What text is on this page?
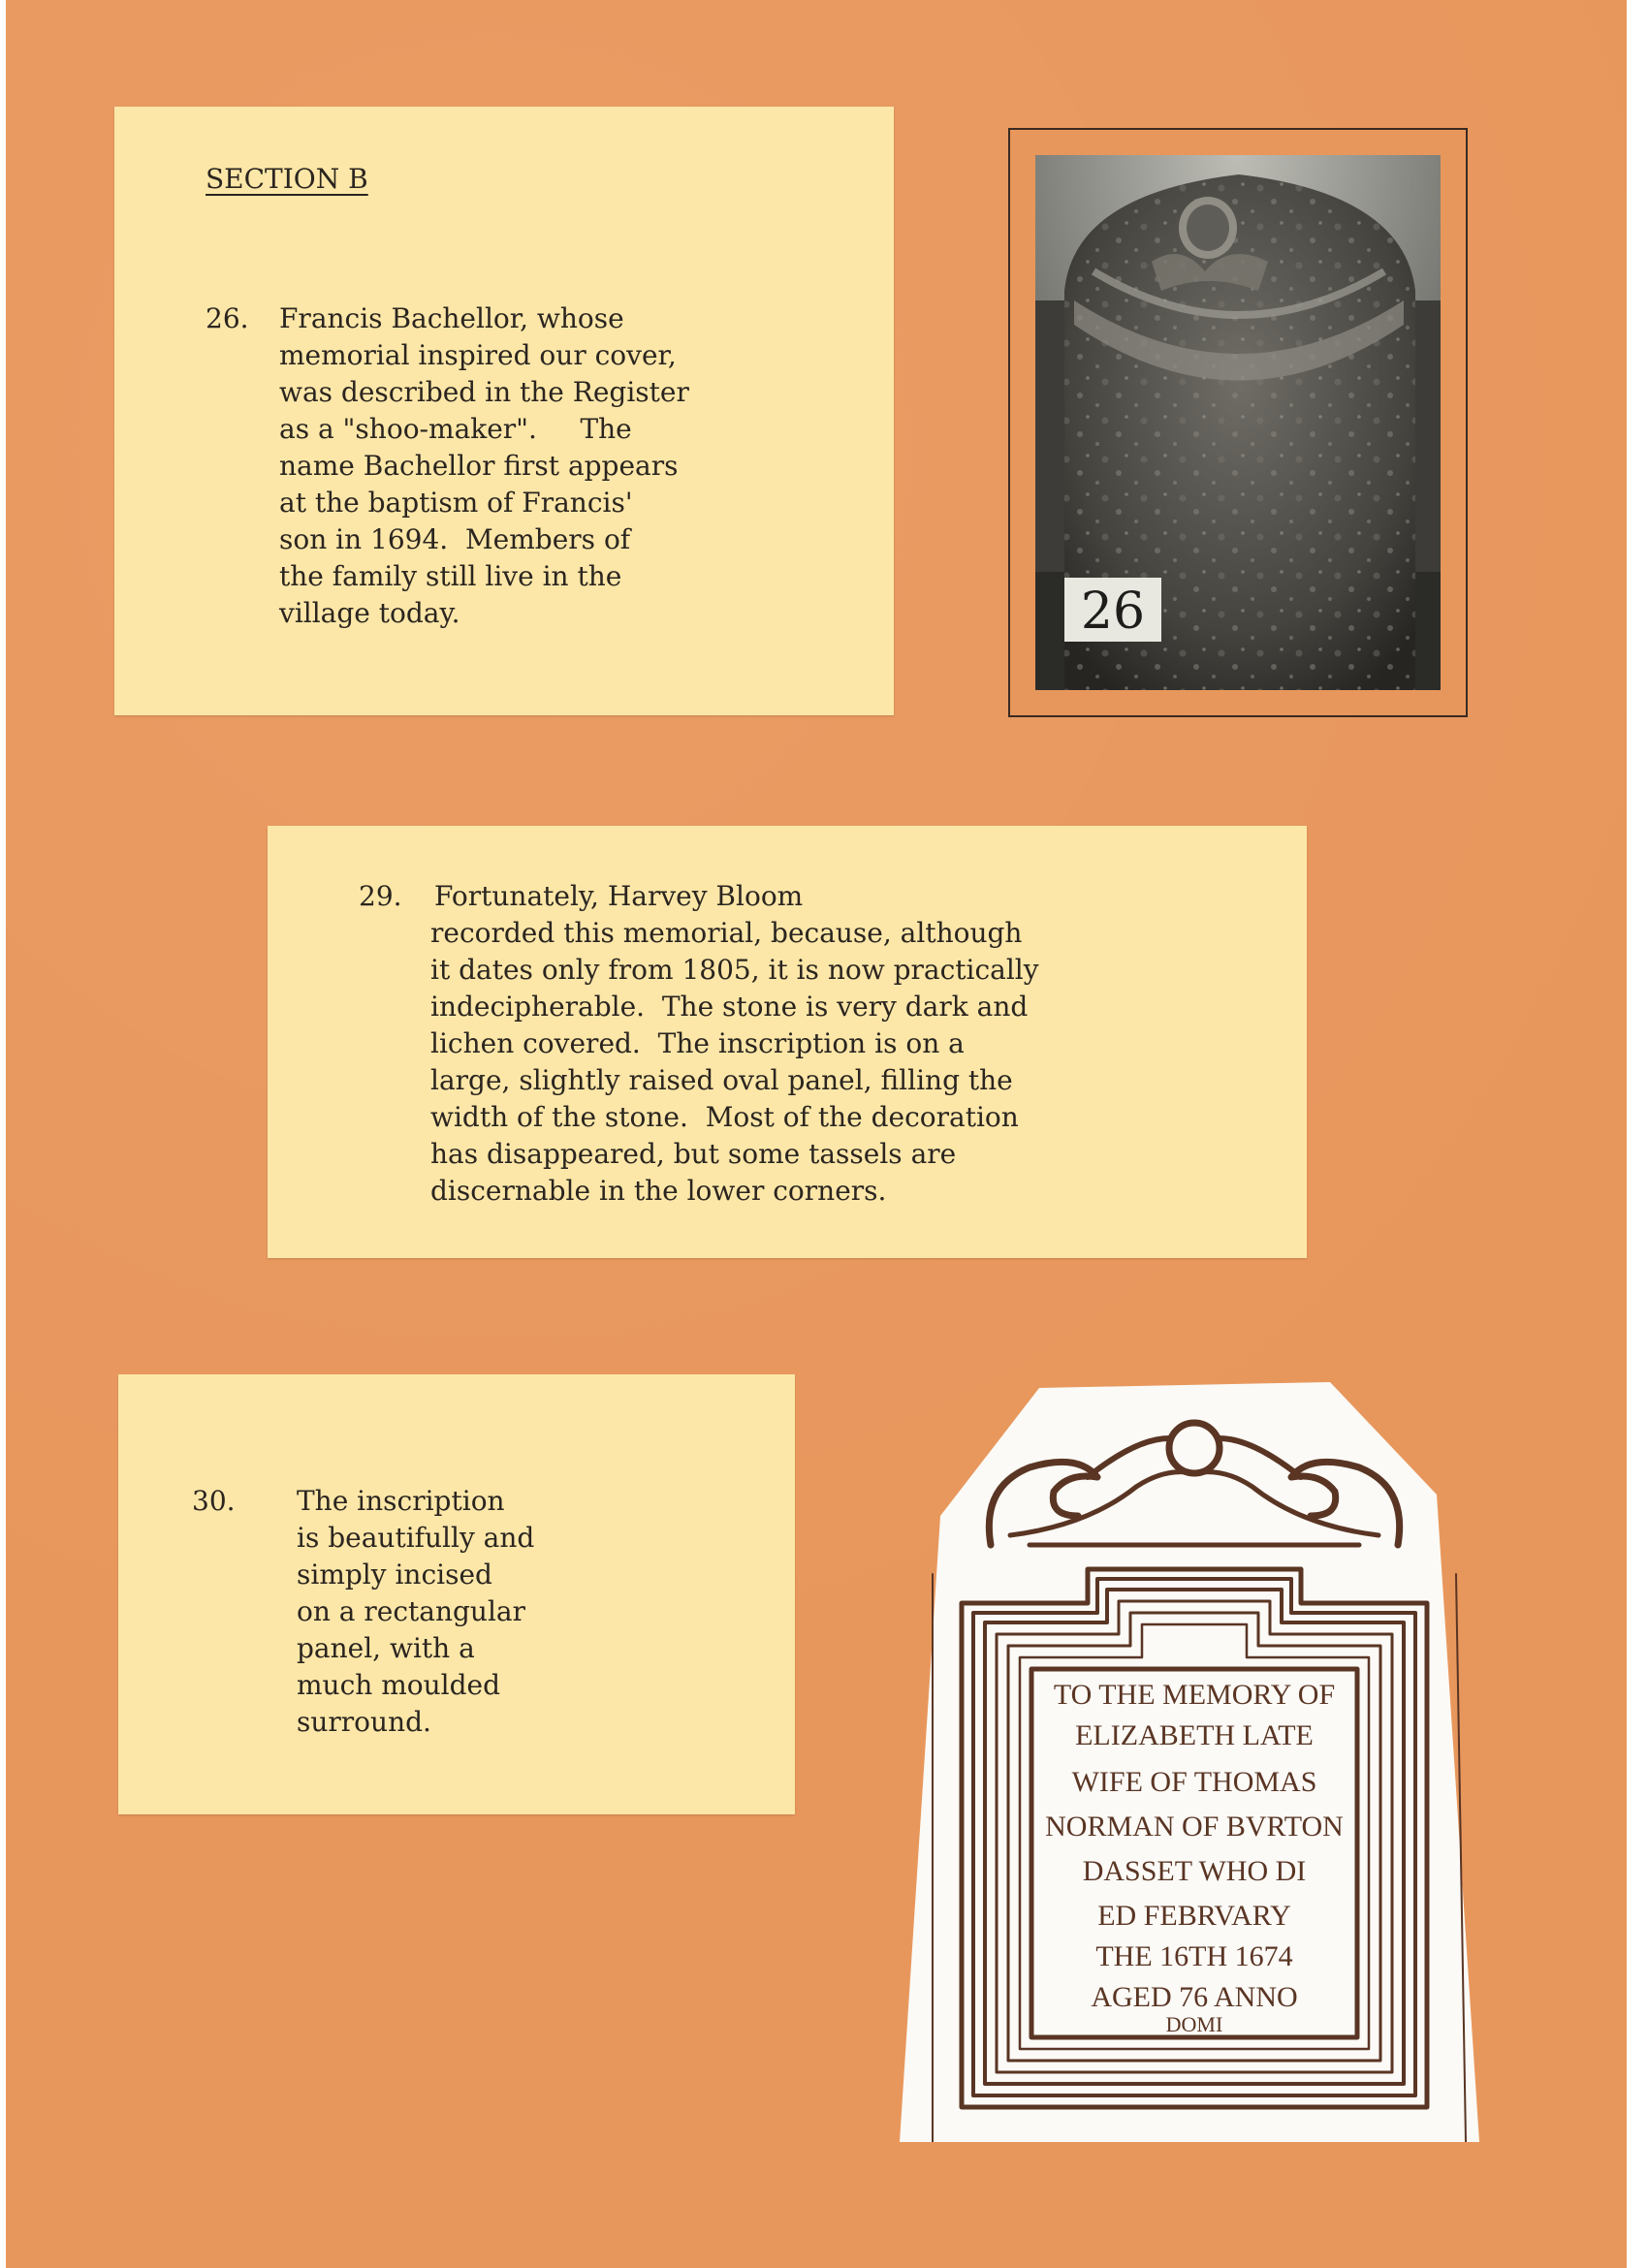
SECTION B

26. Francis Bachellor, whose

memorial inspired our cover,

was described in the Register

as a "shoo-maker".     The

name Bachellor first appears

at the baptism of Francis'

son in 1694.  Members of

the family still live in the

village today.	26

29. Fortunately, Harvey Bloom

recorded this memorial, because, although

it dates only from 1805, it is now practically

indecipherable.  The stone is very dark and

lichen covered.  The inscription is on a

large, slightly raised oval panel, filling the

width of the stone.  Most of the decoration

has disappeared, but some tassels are

discernable in the lower corners.

30. The inscription

is beautifully and

simply incised

on a rectangular

panel, with a

much moulded

surround.

TO THE MEMORY OF
ELIZABETH LATE
WIFE OF THOMAS
NORMAN OF BVRTON
DASSET WHO DI
ED FEBRVARY
THE 16TH 1674
AGED 76 ANNO
DOMI
